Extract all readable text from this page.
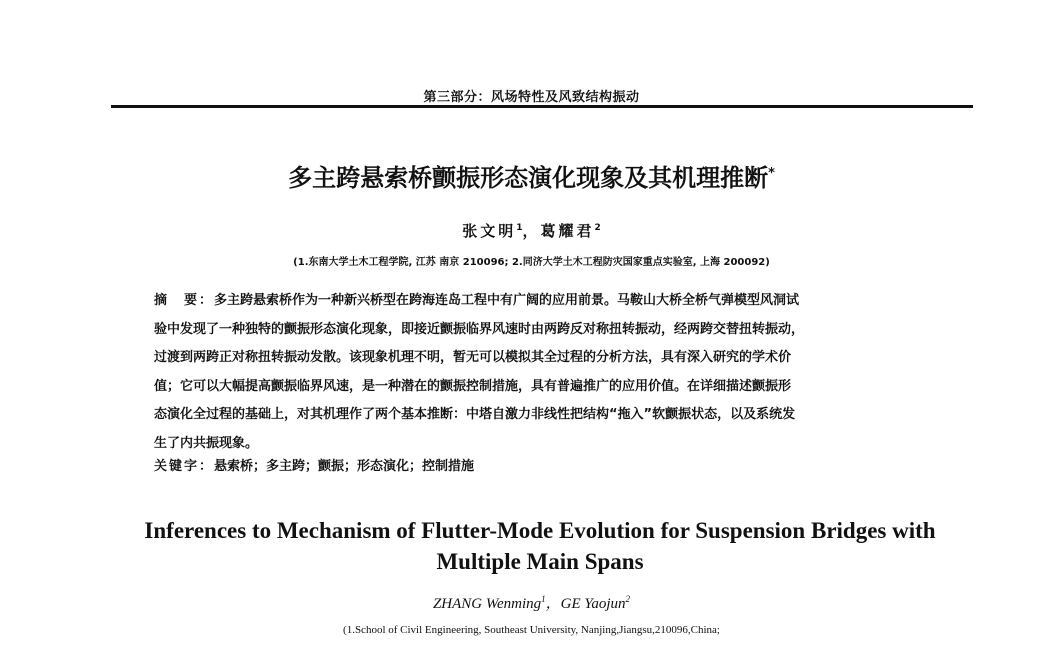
第三部分：风场特性及风致结构振动
多主跨悬索桥颤振形态演化现象及其机理推断*
张文明$^1$，葛耀君$^2$
(1.东南大学土木工程学院, 江苏 南京 210096; 2.同济大学土木工程防灾国家重点实验室, 上海 200092)
摘　要：多主跨悬索桥作为一种新兴桥型在跨海连岛工程中有广阔的应用前景。马鞍山大桥全桥气弹模型风洞试
验中发现了一种独特的颤振形态演化现象，即接近颤振临界风速时由两跨反对称扭转振动，经两跨交替扭转振动，
过渡到两跨正对称扭转振动发散。该现象机理不明，暂无可以模拟其全过程的分析方法，具有深入研究的学术价
值；它可以大幅提高颤振临界风速，是一种潜在的颤振控制措施，具有普遍推广的应用价值。在详细描述颤振形
态演化全过程的基础上，对其机理作了两个基本推断：中塔自激力非线性把结构“拖入”软颤振状态，以及系统发
生了内共振现象。
关键字：悬索桥；多主跨；颤振；形态演化；控制措施
Inferences to Mechanism of Flutter-Mode Evolution for Suspension Bridges with Multiple Main Spans
ZHANG Wenming$^1$，GE Yaojun$^2$
(1.School of Civil Engineering, Southeast University, Nanjing,Jiangsu,210096,China;
